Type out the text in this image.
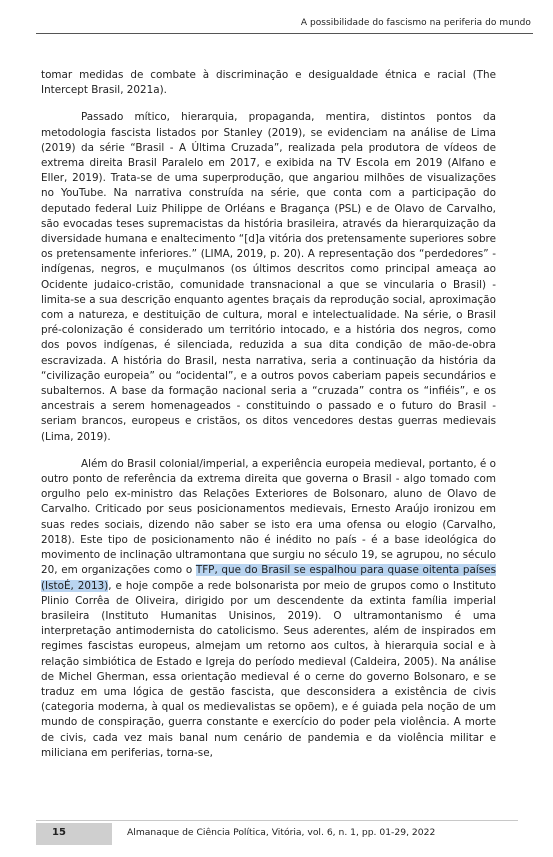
A possibilidade do fascismo na periferia do mundo

tomar medidas de combate à discriminação e desigualdade étnica e racial (The Intercept Brasil, 2021a).

Passado mítico, hierarquia, propaganda, mentira, distintos pontos da metodologia fascista listados por Stanley (2019), se evidenciam na análise de Lima (2019) da série “Brasil - A Última Cruzada”, realizada pela produtora de vídeos de extrema direita Brasil Paralelo em 2017, e exibida na TV Escola em 2019 (Alfano e Eller, 2019). Trata-se de uma superprodução, que angariou milhões de visualizações no YouTube. Na narrativa construída na série, que conta com a participação do deputado federal Luiz Philippe de Orléans e Bragança (PSL) e de Olavo de Carvalho, são evocadas teses supremacistas da história brasileira, através da hierarquização da diversidade humana e enaltecimento “[d]a vitória dos pretensamente superiores sobre os pretensamente inferiores.” (LIMA, 2019, p. 20). A representação dos “perdedores” - indígenas, negros, e muçulmanos (os últimos descritos como principal ameaça ao Ocidente judaico-cristão, comunidade transnacional a que se vincularia o Brasil) - limita-se a sua descrição enquanto agentes braçais da reprodução social, aproximação com a natureza, e destituição de cultura, moral e intelectualidade. Na série, o Brasil pré-colonização é considerado um território intocado, e a história dos negros, como dos povos indígenas, é silenciada, reduzida a sua dita condição de mão-de-obra escravizada. A história do Brasil, nesta narrativa, seria a continuação da história da “civilização europeia” ou “ocidental”, e a outros povos caberiam papeis secundários e subalternos. A base da formação nacional seria a “cruzada” contra os “infiéis”, e os ancestrais a serem homenageados - constituindo o passado e o futuro do Brasil - seriam brancos, europeus e cristãos, os ditos vencedores destas guerras medievais (Lima, 2019).

Além do Brasil colonial/imperial, a experiência europeia medieval, portanto, é o outro ponto de referência da extrema direita que governa o Brasil - algo tomado com orgulho pelo ex-ministro das Relações Exteriores de Bolsonaro, aluno de Olavo de Carvalho. Criticado por seus posicionamentos medievais, Ernesto Araújo ironizou em suas redes sociais, dizendo não saber se isto era uma ofensa ou elogio (Carvalho, 2018). Este tipo de posicionamento não é inédito no país - é a base ideológica do movimento de inclinação ultramontana que surgiu no século 19, se agrupou, no século 20, em organizações como o TFP, que do Brasil se espalhou para quase oitenta países (IstoÉ, 2013), e hoje compõe a rede bolsonarista por meio de grupos como o Instituto Plinio Corrêa de Oliveira, dirigido por um descendente da extinta família imperial brasileira (Instituto Humanitas Unisinos, 2019). O ultramontanismo é uma interpretação antimodernista do catolicismo. Seus aderentes, além de inspirados em regimes fascistas europeus, almejam um retorno aos cultos, à hierarquia social e à relação simbiótica de Estado e Igreja do período medieval (Caldeira, 2005). Na análise de Michel Gherman, essa orientação medieval é o cerne do governo Bolsonaro, e se traduz em uma lógica de gestão fascista, que desconsidera a existência de civis (categoria moderna, à qual os medievalistas se opõem), e é guiada pela noção de um mundo de conspiração, guerra constante e exercício do poder pela violência. A morte de civis, cada vez mais banal num cenário de pandemia e da violência militar e miliciana em periferias, torna-se,

15	Almanaque de Ciência Política, Vitória, vol. 6, n. 1, pp. 01-29, 2022
